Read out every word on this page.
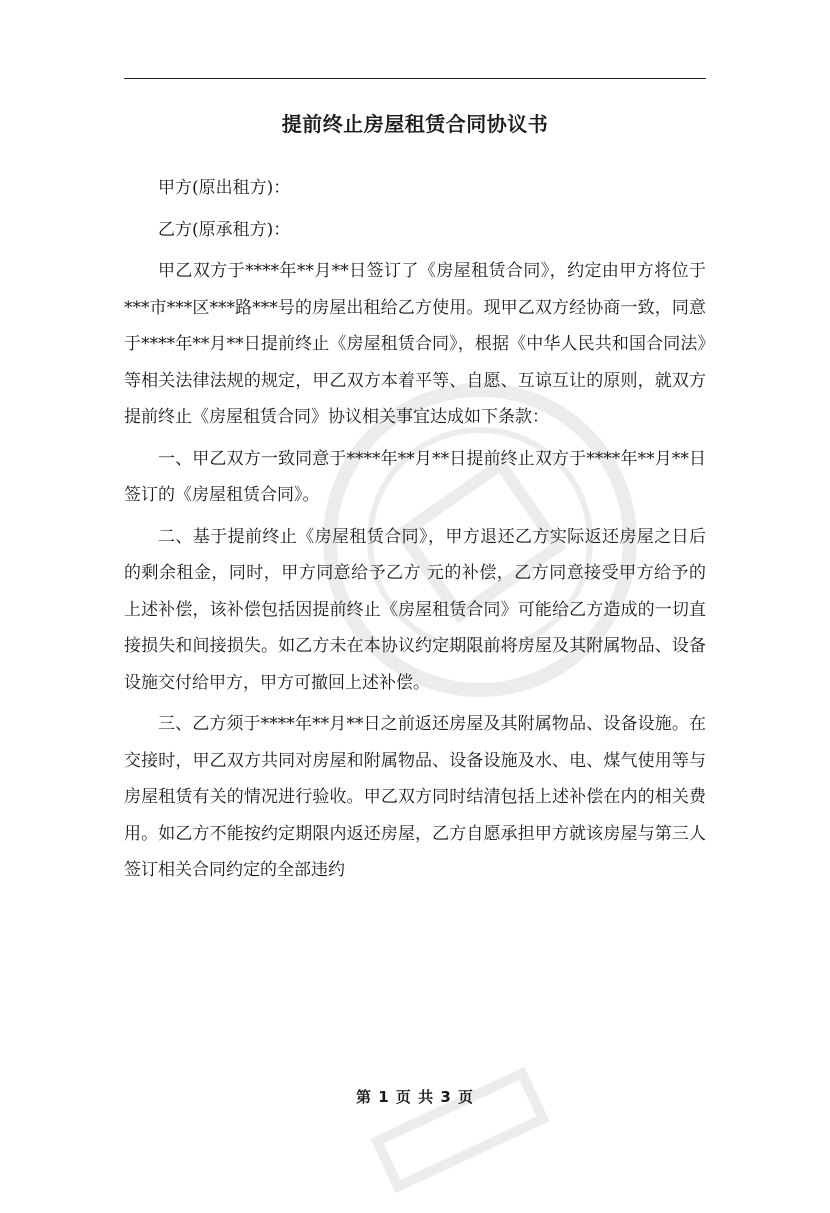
提前终止房屋租赁合同协议书

甲方(原出租方)：

乙方(原承租方)：

甲乙双方于****年**月**日签订了《房屋租赁合同》，约定由甲方将位于***市***区***路***号的房屋出租给乙方使用。现甲乙双方经协商一致，同意于****年**月**日提前终止《房屋租赁合同》，根据《中华人民共和国合同法》等相关法律法规的规定，甲乙双方本着平等、自愿、互谅互让的原则，就双方提前终止《房屋租赁合同》协议相关事宜达成如下条款：

一、甲乙双方一致同意于****年**月**日提前终止双方于****年**月**日签订的《房屋租赁合同》。

二、基于提前终止《房屋租赁合同》，甲方退还乙方实际返还房屋之日后的剩余租金，同时，甲方同意给予乙方 元的补偿，乙方同意接受甲方给予的上述补偿，该补偿包括因提前终止《房屋租赁合同》可能给乙方造成的一切直接损失和间接损失。如乙方未在本协议约定期限前将房屋及其附属物品、设备设施交付给甲方，甲方可撤回上述补偿。

三、乙方须于****年**月**日之前返还房屋及其附属物品、设备设施。在交接时，甲乙双方共同对房屋和附属物品、设备设施及水、电、煤气使用等与房屋租赁有关的情况进行验收。甲乙双方同时结清包括上述补偿在内的相关费用。如乙方不能按约定期限内返还房屋，乙方自愿承担甲方就该房屋与第三人签订相关合同约定的全部违约

第 1 页 共 3 页
